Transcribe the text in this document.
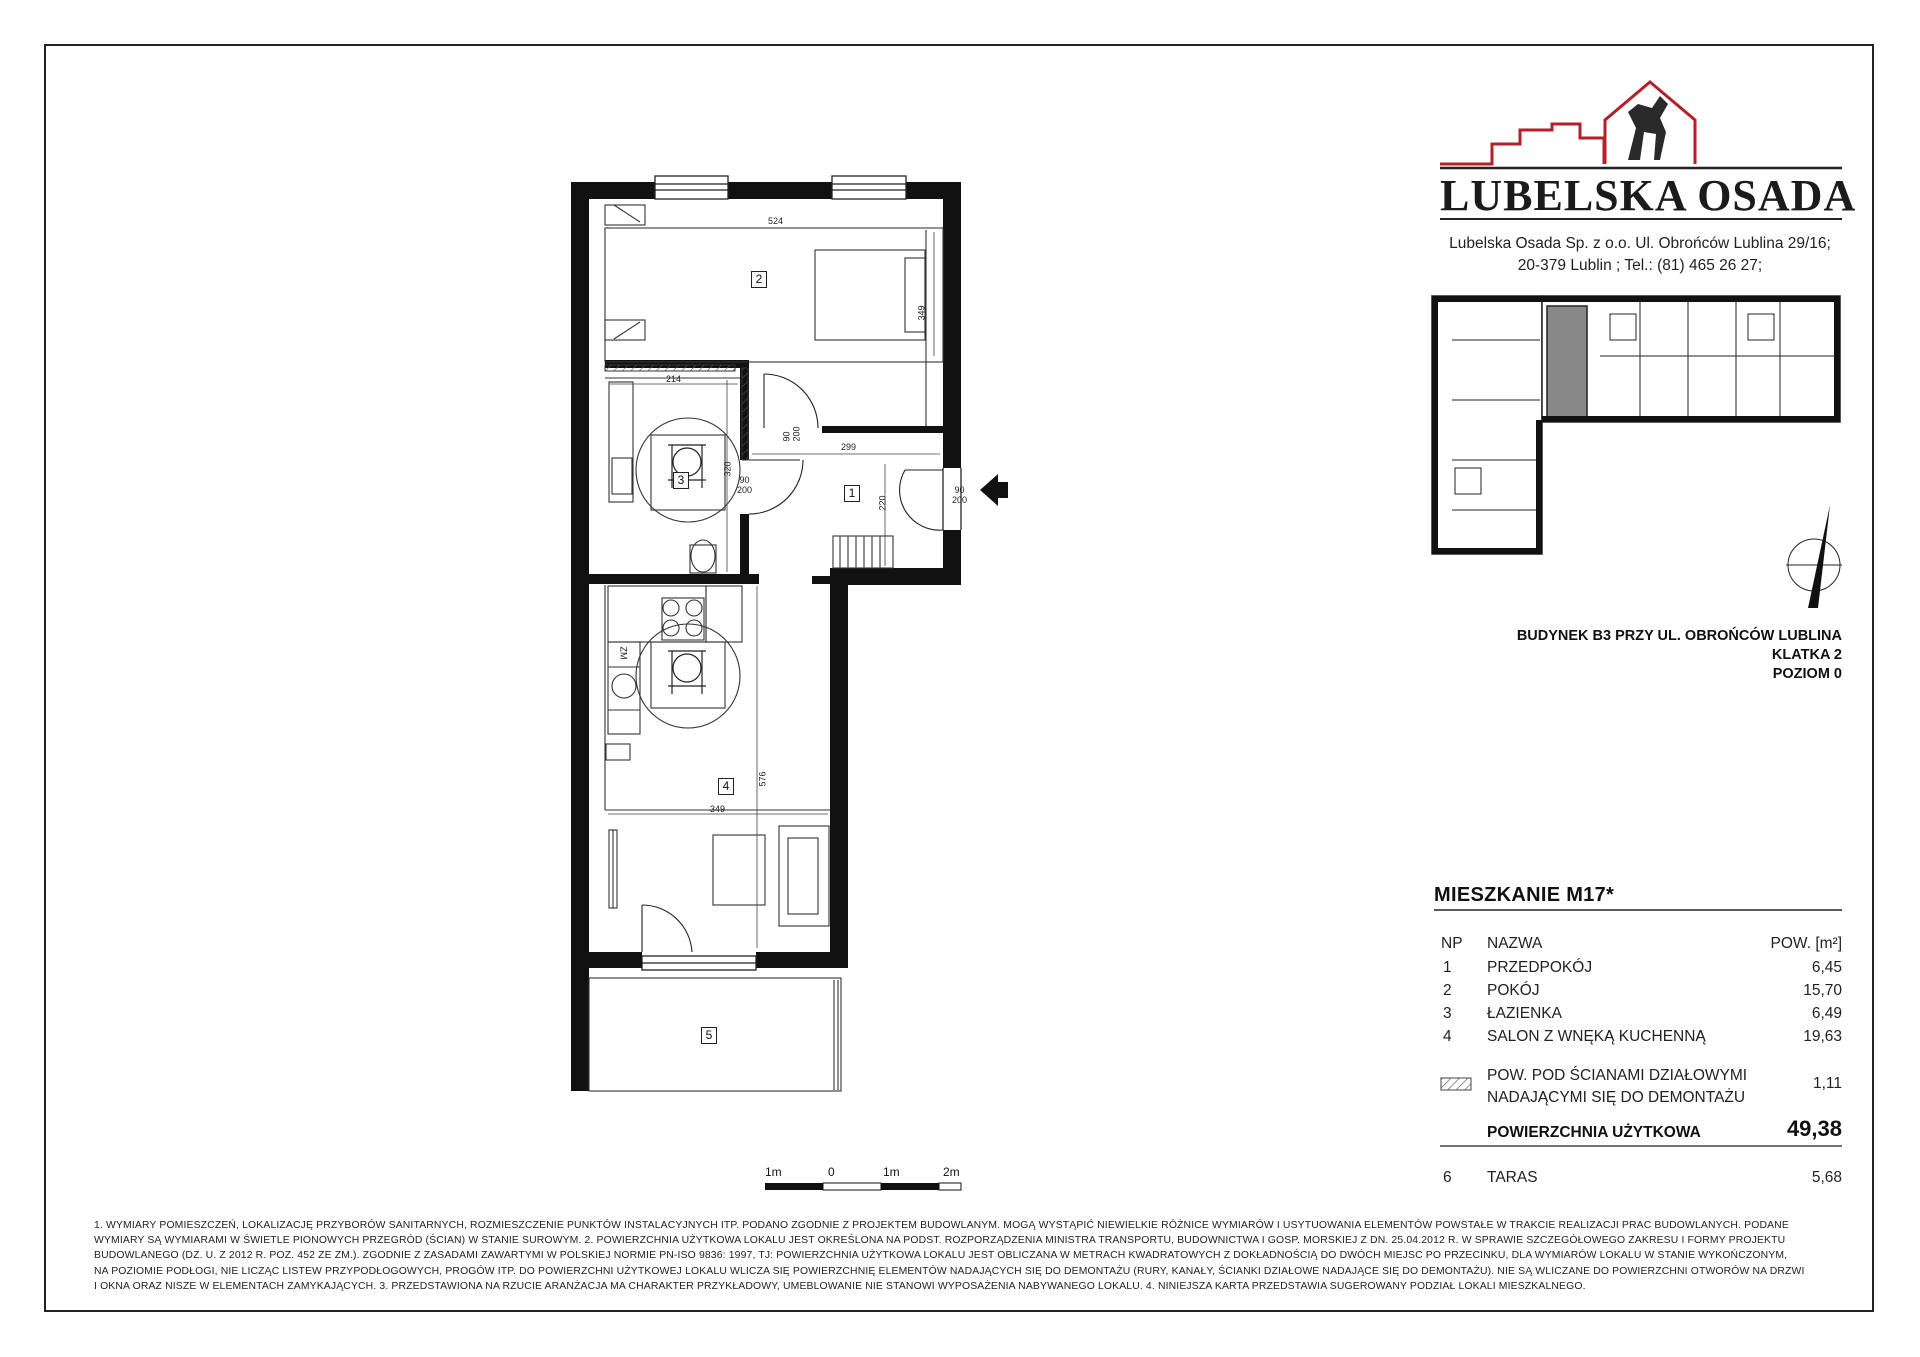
LUBELSKA OSADA
Lubelska Osada Sp. z o.o. Ul. Obrońców Lublina 29/16;
20-379 Lublin ; Tel.: (81) 465 26 27;
BUDYNEK B3 PRZY UL. OBROŃCÓW LUBLINA
KLATKA 2
POZIOM 0
MIESZKANIE M17*
NP NAZWA	POW. [m²]
1 PRZEDPOKÓJ	6,45
2 POKÓJ	15,70
3 ŁAZIENKA	6,49
4 SALON Z WNĘKĄ KUCHENNĄ	19,63
POW. POD ŚCIANAMI DZIAŁOWYMI
NADAJĄCYMI SIĘ DO DEMONTAŻU
1,11
POWIERZCHNIA UŻYTKOWA	49,38
6 TARAS	5,68
2
1
3
4
5
524
349
214
299
320
220
349
576
90
200
90
200
90
200
ZM
1m	0	1m	2m
1. WYMIARY POMIESZCZEŃ, LOKALIZACJĘ PRZYBORÓW SANITARNYCH, ROZMIESZCZENIE PUNKTÓW INSTALACYJNYCH ITP. PODANO ZGODNIE Z PROJEKTEM BUDOWLANYM. MOGĄ WYSTĄPIĆ NIEWIELKIE RÓŻNICE WYMIARÓW I USYTUOWANIA ELEMENTÓW POWSTAŁE W TRAKCIE REALIZACJI PRAC BUDOWLANYCH. PODANE
WYMIARY SĄ WYMIARAMI W ŚWIETLE PIONOWYCH PRZEGRÓD (ŚCIAN) W STANIE SUROWYM. 2. POWIERZCHNIA UŻYTKOWA LOKALU JEST OKREŚLONA NA PODST. ROZPORZĄDZENIA MINISTRA TRANSPORTU, BUDOWNICTWA I GOSP. MORSKIEJ Z DN. 25.04.2012 R. W SPRAWIE SZCZEGÓŁOWEGO ZAKRESU I FORMY PROJEKTU
BUDOWLANEGO (DZ. U. Z 2012 R. POZ. 452 ZE ZM.). ZGODNIE Z ZASADAMI ZAWARTYMI W POLSKIEJ NORMIE PN-ISO 9836: 1997, TJ: POWIERZCHNIA UŻYTKOWA LOKALU JEST OBLICZANA W METRACH KWADRATOWYCH Z DOKŁADNOŚCIĄ DO DWÓCH MIEJSC PO PRZECINKU, DLA WYMIARÓW LOKALU W STANIE WYKOŃCZONYM,
NA POZIOMIE PODŁOGI, NIE LICZĄC LISTEW PRZYPODŁOGOWYCH, PROGÓW ITP. DO POWIERZCHNI UŻYTKOWEJ LOKALU WLICZA SIĘ POWIERZCHNIĘ ELEMENTÓW NADAJĄCYCH SIĘ DO DEMONTAŻU (RURY, KANAŁY, ŚCIANKI DZIAŁOWE NADAJĄCE SIĘ DO DEMONTAŻU). NIE SĄ WLICZANE DO POWIERZCHNI OTWORÓW NA DRZWI
I OKNA ORAZ NISZE W ELEMENTACH ZAMYKAJĄCYCH. 3. PRZEDSTAWIONA NA RZUCIE ARANŻACJA MA CHARAKTER PRZYKŁADOWY, UMEBLOWANIE NIE STANOWI WYPOSAŻENIA NABYWANEGO LOKALU. 4. NINIEJSZA KARTA PRZEDSTAWIA SUGEROWANY PODZIAŁ LOKALI MIESZKALNEGO.
